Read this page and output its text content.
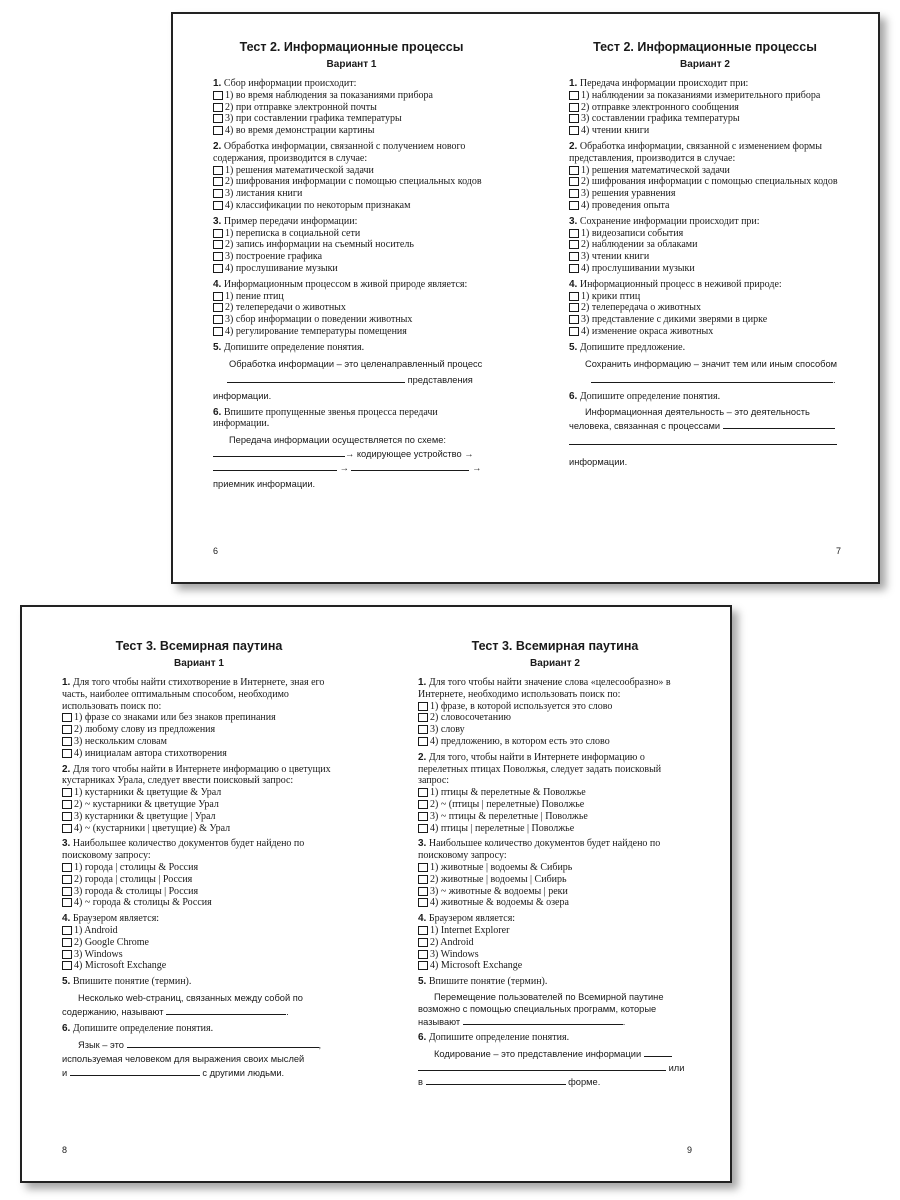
Тест 2. Информационные процессы
Вариант 1
1. Сбор информации происходит:
1) во время наблюдения за показаниями прибора
2) при отправке электронной почты
3) при составлении графика температуры
4) во время демонстрации картины
2. Обработка информации, связанной с получением нового содержания, производится в случае:
1) решения математической задачи
2) шифрования информации с помощью специальных кодов
3) листания книги
4) классификации по некоторым признакам
3. Пример передачи информации:
1) переписка в социальной сети
2) запись информации на съемный носитель
3) построение графика
4) прослушивание музыки
4. Информационным процессом в живой природе является:
1) пение птиц
2) телепередачи о животных
3) сбор информации о поведении животных
4) регулирование температуры помещения
5. Допишите определение понятия.
Обработка информации – это целенаправленный процесс
представления
информации.
6. Впишите пропущенные звенья процесса передачи информации.
Передача информации осуществляется по схеме:
→ кодирующее устройство →
→	→
приемник информации.
6
Тест 2. Информационные процессы
Вариант 2
1. Передача информации происходит при:
1) наблюдении за показаниями измерительного прибора
2) отправке электронного сообщения
3) составлении графика температуры
4) чтении книги
2. Обработка информации, связанной с изменением формы представления, производится в случае:
1) решения математической задачи
2) шифрования информации с помощью специальных кодов
3) решения уравнения
4) проведения опыта
3. Сохранение информации происходит при:
1) видеозаписи события
2) наблюдении за облаками
3) чтении книги
4) прослушивании музыки
4. Информационный процесс в неживой природе:
1) крики птиц
2) телепередача о животных
3) представление с дикими зверями в цирке
4) изменение окраса животных
5. Допишите предложение.
Сохранить информацию – значит тем или иным способом
.
6. Допишите определение понятия.
Информационная деятельность – это деятельность человека, связанная с процессами
информации.
7
Тест 3. Всемирная паутина
Вариант 1
1. Для того чтобы найти стихотворение в Интернете, зная его часть, наиболее оптимальным способом, необходимо использовать поиск по:
1) фразе со знаками или без знаков препинания
2) любому слову из предложения
3) нескольким словам
4) инициалам автора стихотворения
2. Для того чтобы найти в Интернете информацию о цветущих кустарниках Урала, следует ввести поисковый запрос:
1) кустарники & цветущие & Урал
2) ~ кустарники & цветущие Урал
3) кустарники & цветущие | Урал
4) ~ (кустарники | цветущие) & Урал
3. Наибольшее количество документов будет найдено по поисковому запросу:
1) города | столицы & Россия
2) города | столицы | Россия
3) города & столицы | Россия
4) ~ города & столицы & Россия
4. Браузером является:
1) Android
2) Google Chrome
3) Windows
4) Microsoft Exchange
5. Впишите понятие (термин).
Несколько web-страниц, связанных между собой по содержанию, называют	.
6. Допишите определение понятия.
Язык – это	,
используемая человеком для выражения своих мыслей
и	с другими людьми.
8
Тест 3. Всемирная паутина
Вариант 2
1. Для того чтобы найти значение слова «целесообразно» в Интернете, необходимо использовать поиск по:
1) фразе, в которой используется это слово
2) словосочетанию
3) слову
4) предложению, в котором есть это слово
2. Для того, чтобы найти в Интернете информацию о перелетных птицах Поволжья, следует задать поисковый запрос:
1) птицы & перелетные & Поволжье
2) ~ (птицы | перелетные) Поволжье
3) ~ птицы & перелетные | Поволжье
4) птицы | перелетные | Поволжье
3. Наибольшее количество документов будет найдено по поисковому запросу:
1) животные | водоемы & Сибирь
2) животные | водоемы | Сибирь
3) ~ животные & водоемы | реки
4) животные & водоемы & озера
4. Браузером является:
1) Internet Explorer
2) Android
3) Windows
4) Microsoft Exchange
5. Впишите понятие (термин).
Перемещение пользователей по Всемирной паутине возможно с помощью специальных программ, которые называют	.
6. Допишите определение понятия.
Кодирование – это представление информации
или
в	форме.
9
